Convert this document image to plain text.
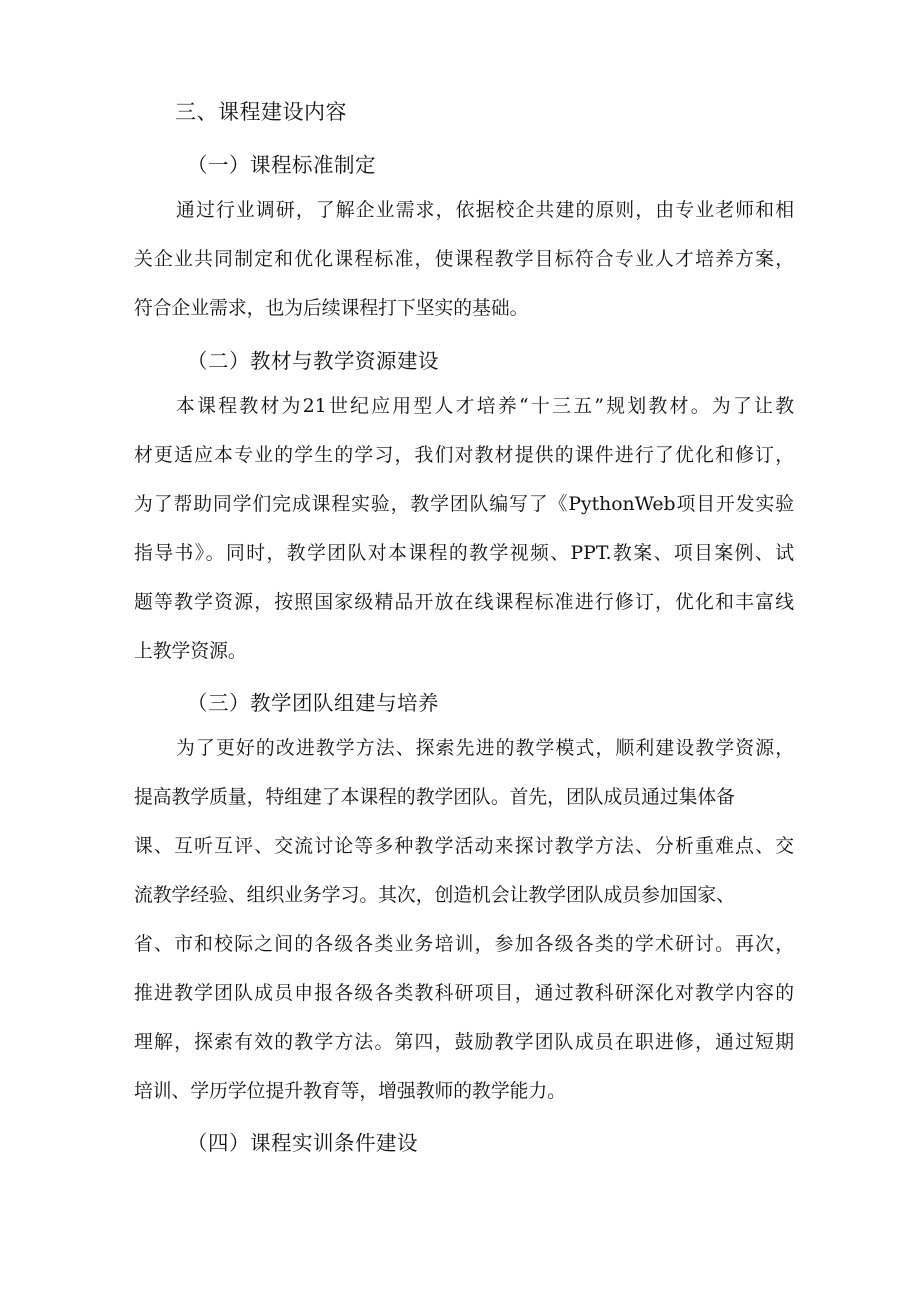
三、课程建设内容
（一）课程标准制定
通过行业调研，了解企业需求，依据校企共建的原则，由专业老师和相
关企业共同制定和优化课程标准，使课程教学目标符合专业人才培养方案，
符合企业需求，也为后续课程打下坚实的基础。
（二）教材与教学资源建设
本课程教材为21世纪应用型人才培养“十三五”规划教材。为了让教
材更适应本专业的学生的学习，我们对教材提供的课件进行了优化和修订，
为了帮助同学们完成课程实验，教学团队编写了《PythonWeb项目开发实验
指导书》。同时，教学团队对本课程的教学视频、PPT.教案、项目案例、试
题等教学资源，按照国家级精品开放在线课程标准进行修订，优化和丰富线
上教学资源。
（三）教学团队组建与培养
为了更好的改进教学方法、探索先进的教学模式，顺利建设教学资源，
提高教学质量，特组建了本课程的教学团队。首先，团队成员通过集体备
课、互听互评、交流讨论等多种教学活动来探讨教学方法、分析重难点、交
流教学经验、组织业务学习。其次，创造机会让教学团队成员参加国家、
省、市和校际之间的各级各类业务培训，参加各级各类的学术研讨。再次，
推进教学团队成员申报各级各类教科研项目，通过教科研深化对教学内容的
理解，探索有效的教学方法。第四，鼓励教学团队成员在职进修，通过短期
培训、学历学位提升教育等，增强教师的教学能力。
（四）课程实训条件建设
